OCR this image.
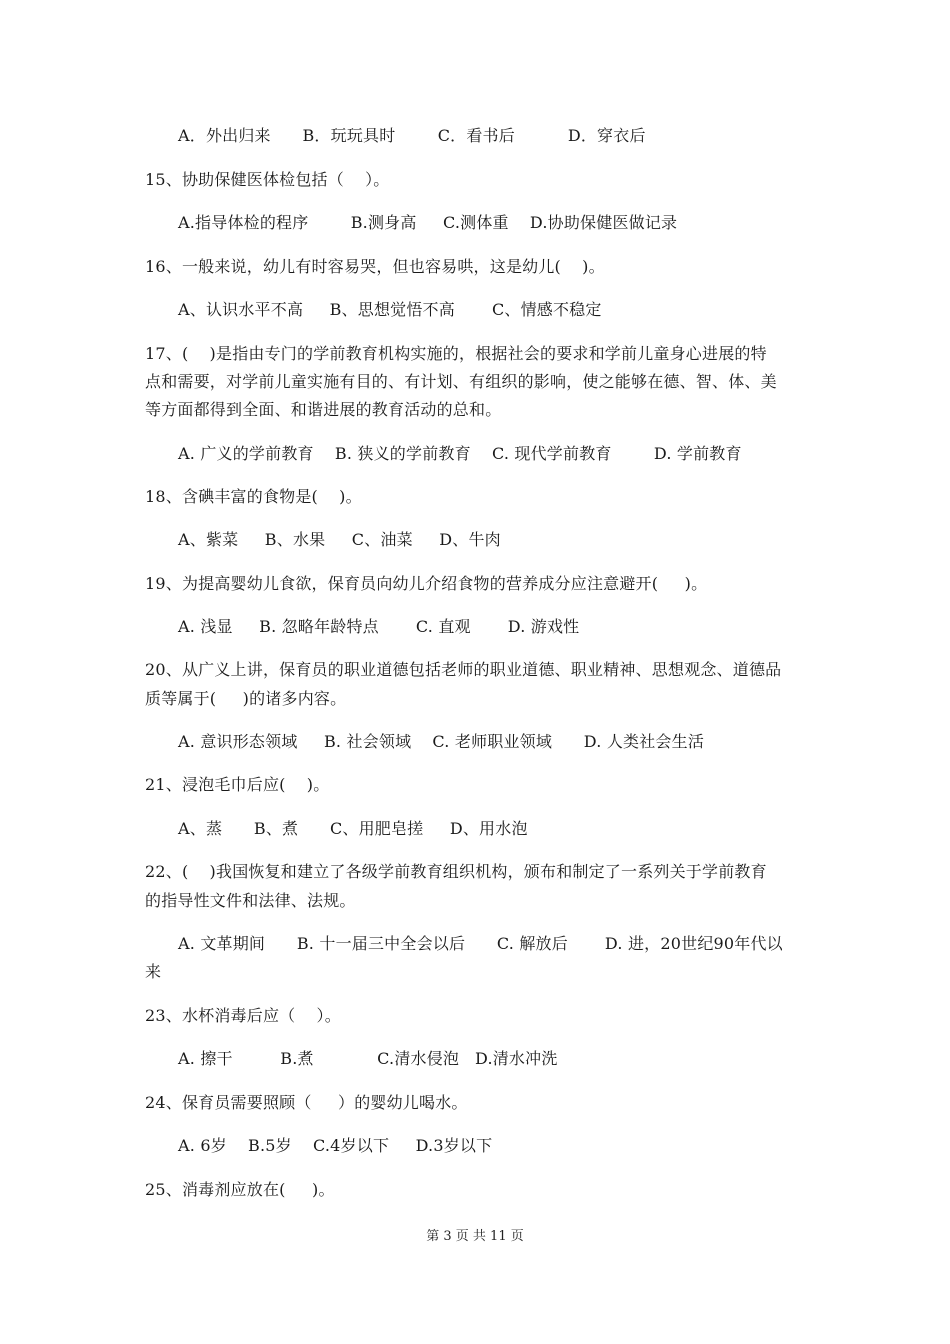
A．外出归来      B．玩玩具时        C．看书后          D．穿衣后
15、协助保健医体检包括（    ）。
A.指导体检的程序        B.测身高     C.测体重    D.协助保健医做记录
16、一般来说，幼儿有时容易哭，但也容易哄，这是幼儿(    )。
A、认识水平不高     B、思想觉悟不高       C、情感不稳定
17、(    )是指由专门的学前教育机构实施的，根据社会的要求和学前儿童身心进展的特
点和需要，对学前儿童实施有目的、有计划、有组织的影响，使之能够在德、智、体、美
等方面都得到全面、和谐进展的教育活动的总和。
A. 广义的学前教育    B. 狭义的学前教育    C. 现代学前教育        D. 学前教育
18、含碘丰富的食物是(    )。
A、紫菜     B、水果     C、油菜     D、牛肉
19、为提高婴幼儿食欲，保育员向幼儿介绍食物的营养成分应注意避开(     )。
A. 浅显     B. 忽略年龄特点       C. 直观       D. 游戏性
20、从广义上讲，保育员的职业道德包括老师的职业道德、职业精神、思想观念、道德品
质等属于(     )的诸多内容。
A. 意识形态领域     B. 社会领域    C. 老师职业领域      D. 人类社会生活
21、浸泡毛巾后应(    )。
A、蒸      B、煮      C、用肥皂搓     D、用水泡
22、(    )我国恢复和建立了各级学前教育组织机构，颁布和制定了一系列关于学前教育
的指导性文件和法律、法规。
A. 文革期间      B. 十一届三中全会以后      C. 解放后       D. 进，20世纪90年代以
来
23、水杯消毒后应（    ）。
A. 擦干         B.煮            C.清水侵泡   D.清水冲洗
24、保育员需要照顾（     ）的婴幼儿喝水。
A. 6岁    B.5岁    C.4岁以下     D.3岁以下
25、消毒剂应放在(     )。
第 3 页 共 11 页
